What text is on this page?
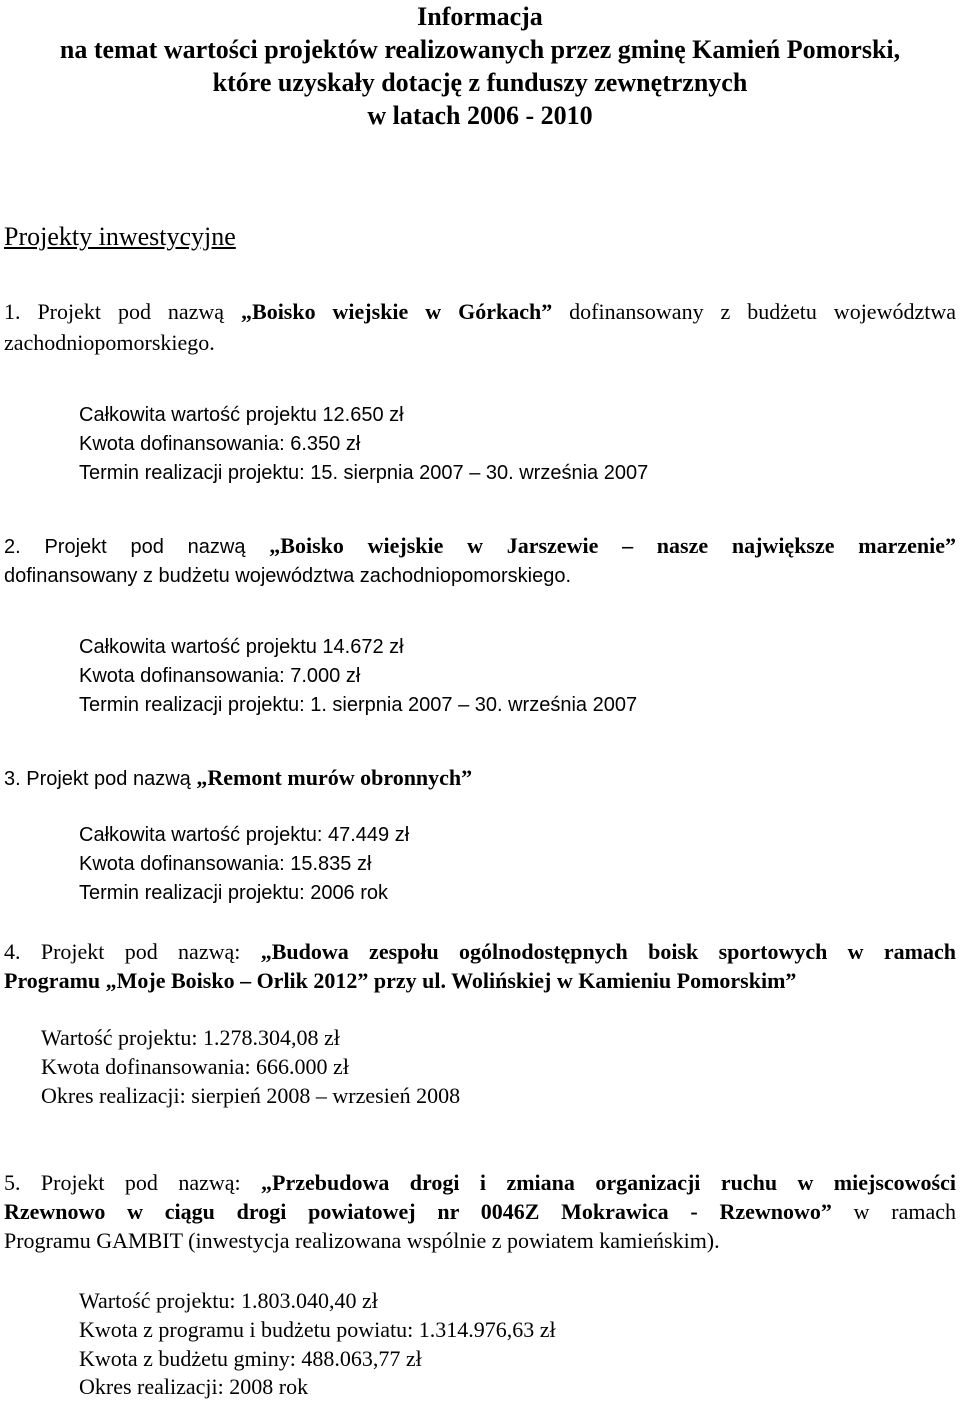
Informacja
na temat wartości projektów realizowanych przez gminę Kamień Pomorski,
które uzyskały dotację z funduszy zewnętrznych
w latach 2006 - 2010
Projekty inwestycyjne
1. Projekt pod nazwą „Boisko wiejskie w Górkach” dofinansowany z budżetu województwa
zachodniopomorskiego.
Całkowita wartość projektu 12.650 zł
Kwota dofinansowania: 6.350 zł
Termin realizacji projektu: 15. sierpnia 2007 – 30. września 2007
2. Projekt pod nazwą „Boisko wiejskie w Jarszewie – nasze największe marzenie”
dofinansowany z budżetu województwa zachodniopomorskiego.
Całkowita wartość projektu 14.672 zł
Kwota dofinansowania: 7.000 zł
Termin realizacji projektu: 1. sierpnia 2007 – 30. września 2007
3. Projekt pod nazwą „Remont murów obronnych”
Całkowita wartość projektu: 47.449 zł
Kwota dofinansowania: 15.835 zł
Termin realizacji projektu: 2006 rok
4. Projekt pod nazwą: „Budowa zespołu ogólnodostępnych boisk sportowych w ramach
Programu „Moje Boisko – Orlik 2012” przy ul. Wolińskiej w Kamieniu Pomorskim”
Wartość projektu: 1.278.304,08 zł
Kwota dofinansowania: 666.000 zł
Okres realizacji: sierpień 2008 – wrzesień 2008
5. Projekt pod nazwą: „Przebudowa drogi i zmiana organizacji ruchu w miejscowości
Rzewnowo w ciągu drogi powiatowej nr 0046Z Mokrawica - Rzewnowo” w ramach
Programu GAMBIT (inwestycja realizowana wspólnie z powiatem kamieńskim).
Wartość projektu: 1.803.040,40 zł
Kwota z programu i budżetu powiatu: 1.314.976,63 zł
Kwota z budżetu gminy: 488.063,77 zł
Okres realizacji: 2008 rok
